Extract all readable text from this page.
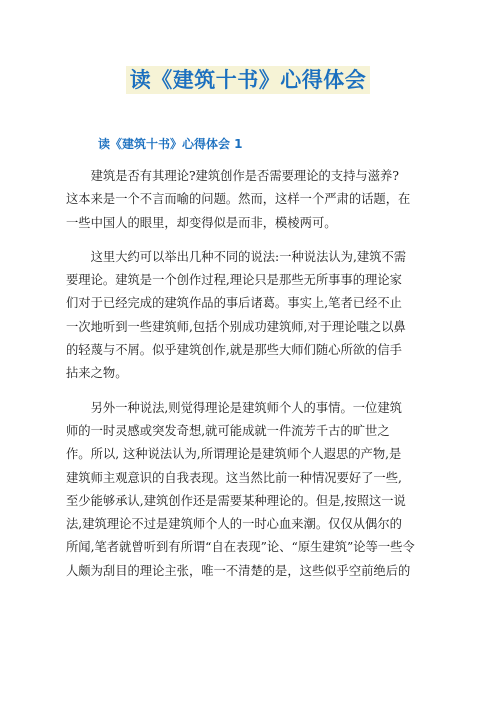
读《建筑十书》心得体会
读《建筑十书》心得体会 1
　　建筑是否有其理论?建筑创作是否需要理论的支持与滋养?
这本来是一个不言而喻的问题。然而，这样一个严肃的话题，在
一些中国人的眼里，却变得似是而非，模棱两可。
　　这里大约可以举出几种不同的说法:一种说法认为,建筑不需
要理论。建筑是一个创作过程,理论只是那些无所事事的理论家
们对于已经完成的建筑作品的事后诸葛。事实上,笔者已经不止
一次地听到一些建筑师,包括个别成功建筑师,对于理论嗤之以鼻
的轻蔑与不屑。似乎建筑创作,就是那些大师们随心所欲的信手
拈来之物。
　　另外一种说法,则觉得理论是建筑师个人的事情。一位建筑
师的一时灵感或突发奇想,就可能成就一件流芳千古的旷世之
作。所以, 这种说法认为,所谓理论是建筑师个人遐思的产物,是
建筑师主观意识的自我表现。这当然比前一种情况要好了一些,
至少能够承认,建筑创作还是需要某种理论的。但是,按照这一说
法,建筑理论不过是建筑师个人的一时心血来潮。仅仅从偶尔的
所闻,笔者就曾听到有所谓“自在表现”论、“原生建筑”论等一些令
人颇为刮目的理论主张，唯一不清楚的是，这些似乎空前绝后的
